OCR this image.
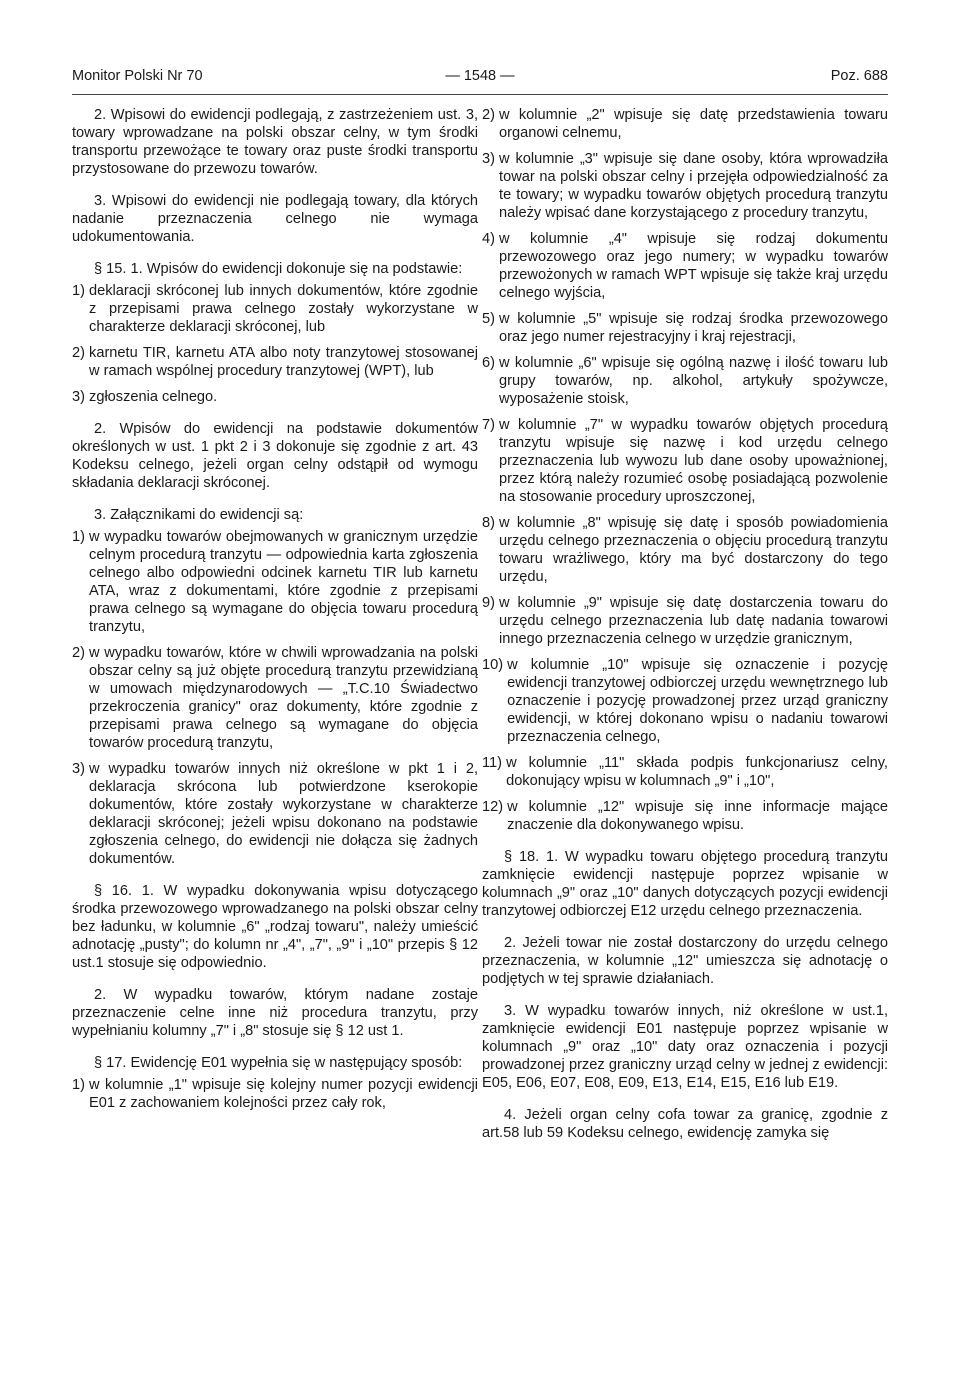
Monitor Polski Nr 70	— 1548 —	Poz. 688

2. Wpisowi do ewidencji podlegają, z zastrzeżeniem ust. 3, towary wprowadzane na polski obszar celny, w tym środki transportu przewożące te towary oraz puste środki transportu przystosowane do przewozu towarów.

3. Wpisowi do ewidencji nie podlegają towary, dla których nadanie przeznaczenia celnego nie wymaga udokumentowania.

§ 15. 1. Wpisów do ewidencji dokonuje się na podstawie:

1) deklaracji skróconej lub innych dokumentów, które zgodnie z przepisami prawa celnego zostały wykorzystane w charakterze deklaracji skróconej, lub
2) karnetu TIR, karnetu ATA albo noty tranzytowej stosowanej w ramach wspólnej procedury tranzytowej (WPT), lub
3) zgłoszenia celnego.

2. Wpisów do ewidencji na podstawie dokumentów określonych w ust. 1 pkt 2 i 3 dokonuje się zgodnie z art. 43 Kodeksu celnego, jeżeli organ celny odstąpił od wymogu składania deklaracji skróconej.

3. Załącznikami do ewidencji są:

1) w wypadku towarów obejmowanych w granicznym urzędzie celnym procedurą tranzytu — odpowiednia karta zgłoszenia celnego albo odpowiedni odcinek karnetu TIR lub karnetu ATA, wraz z dokumentami, które zgodnie z przepisami prawa celnego są wymagane do objęcia towaru procedurą tranzytu,
2) w wypadku towarów, które w chwili wprowadzania na polski obszar celny są już objęte procedurą tranzytu przewidzianą w umowach międzynarodowych — „T.C.10 Świadectwo przekroczenia granicy" oraz dokumenty, które zgodnie z przepisami prawa celnego są wymagane do objęcia towarów procedurą tranzytu,
3) w wypadku towarów innych niż określone w pkt 1 i 2, deklaracja skrócona lub potwierdzone kserokopie dokumentów, które zostały wykorzystane w charakterze deklaracji skróconej; jeżeli wpisu dokonano na podstawie zgłoszenia celnego, do ewidencji nie dołącza się żadnych dokumentów.

§ 16. 1. W wypadku dokonywania wpisu dotyczącego środka przewozowego wprowadzanego na polski obszar celny bez ładunku, w kolumnie „6" „rodzaj towaru", należy umieścić adnotację „pusty"; do kolumn nr „4", „7", „9" i „10" przepis § 12 ust.1 stosuje się odpowiednio.

2. W wypadku towarów, którym nadane zostaje przeznaczenie celne inne niż procedura tranzytu, przy wypełnianiu kolumny „7" i „8" stosuje się § 12 ust 1.

§ 17. Ewidencję E01 wypełnia się w następujący sposób:

1) w kolumnie „1" wpisuje się kolejny numer pozycji ewidencji E01 z zachowaniem kolejności przez cały rok,
2) w kolumnie „2" wpisuje się datę przedstawienia towaru organowi celnemu,
3) w kolumnie „3" wpisuje się dane osoby, która wprowadziła towar na polski obszar celny i przejęła odpowiedzialność za te towary; w wypadku towarów objętych procedurą tranzytu należy wpisać dane korzystającego z procedury tranzytu,
4) w kolumnie „4" wpisuje się rodzaj dokumentu przewozowego oraz jego numery; w wypadku towarów przewożonych w ramach WPT wpisuje się także kraj urzędu celnego wyjścia,
5) w kolumnie „5" wpisuje się rodzaj środka przewozowego oraz jego numer rejestracyjny i kraj rejestracji,
6) w kolumnie „6" wpisuje się ogólną nazwę i ilość towaru lub grupy towarów, np. alkohol, artykuły spożywcze, wyposażenie stoisk,
7) w kolumnie „7" w wypadku towarów objętych procedurą tranzytu wpisuje się nazwę i kod urzędu celnego przeznaczenia lub wywozu lub dane osoby upoważnionej, przez którą należy rozumieć osobę posiadającą pozwolenie na stosowanie procedury uproszczonej,
8) w kolumnie „8" wpisuję się datę i sposób powiadomienia urzędu celnego przeznaczenia o objęciu procedurą tranzytu towaru wrażliwego, który ma być dostarczony do tego urzędu,
9) w kolumnie „9" wpisuje się datę dostarczenia towaru do urzędu celnego przeznaczenia lub datę nadania towarowi innego przeznaczenia celnego w urzędzie granicznym,
10) w kolumnie „10" wpisuje się oznaczenie i pozycję ewidencji tranzytowej odbiorczej urzędu wewnętrznego lub oznaczenie i pozycję prowadzonej przez urząd graniczny ewidencji, w której dokonano wpisu o nadaniu towarowi przeznaczenia celnego,
11) w kolumnie „11" składa podpis funkcjonariusz celny, dokonujący wpisu w kolumnach „9" i „10",
12) w kolumnie „12" wpisuje się inne informacje mające znaczenie dla dokonywanego wpisu.

§ 18. 1. W wypadku towaru objętego procedurą tranzytu zamknięcie ewidencji następuje poprzez wpisanie w kolumnach „9" oraz „10" danych dotyczących pozycji ewidencji tranzytowej odbiorczej E12 urzędu celnego przeznaczenia.

2. Jeżeli towar nie został dostarczony do urzędu celnego przeznaczenia, w kolumnie „12" umieszcza się adnotację o podjętych w tej sprawie działaniach.

3. W wypadku towarów innych, niż określone w ust.1, zamknięcie ewidencji E01 następuje poprzez wpisanie w kolumnach „9" oraz „10" daty oraz oznaczenia i pozycji prowadzonej przez graniczny urząd celny w jednej z ewidencji: E05, E06, E07, E08, E09, E13, E14, E15, E16 lub E19.

4. Jeżeli organ celny cofa towar za granicę, zgodnie z art.58 lub 59 Kodeksu celnego, ewidencję zamyka się
